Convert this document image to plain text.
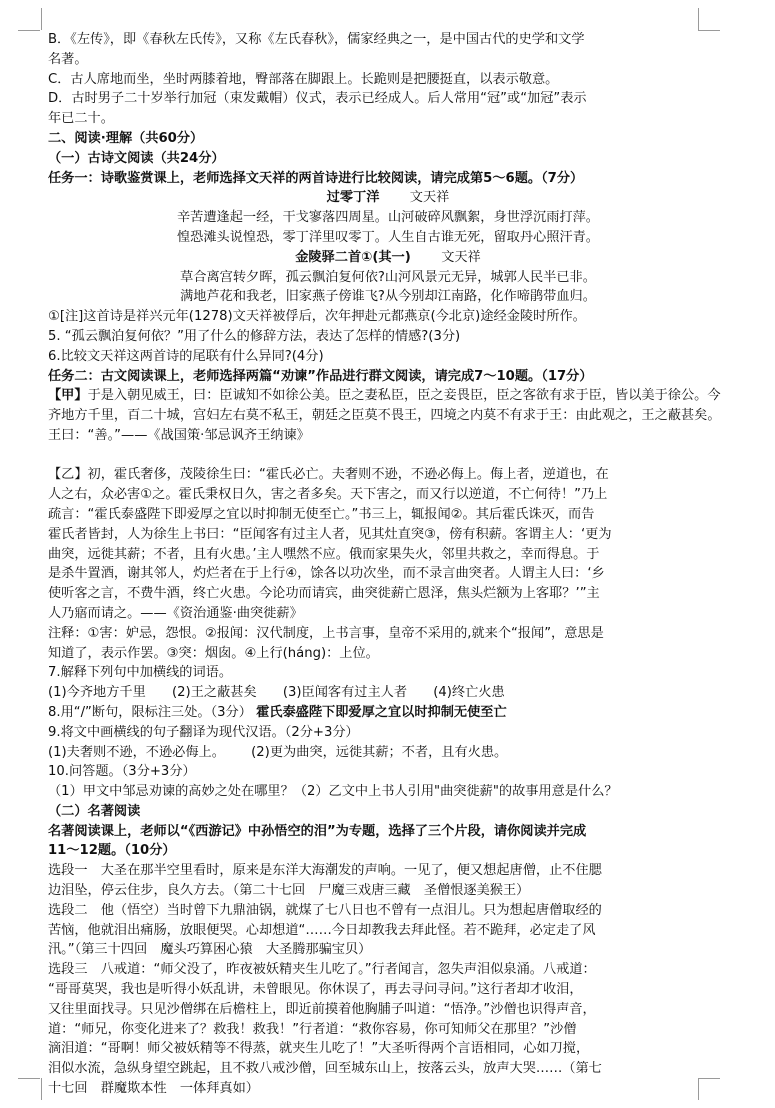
B．《左传》，即《春秋左氏传》，又称《左氏春秋》，儒家经典之一，是中国古代的史学和文学
名著。
C．古人席地而坐，坐时两膝着地，臀部落在脚跟上。长跪则是把腰挺直，以表示敬意。
D．古时男子二十岁举行加冠（束发戴帽）仪式，表示已经成人。后人常用“冠”或“加冠”表示
年已二十。
二、阅读·理解（共60分）
（一）古诗文阅读（共24分）
任务一：诗歌鉴赏课上，老师选择文天祥的两首诗进行比较阅读，请完成第5～6题。（7分）
过零丁洋 文天祥
辛苦遭逢起一经，干戈寥落四周星。山河破碎风飘絮，身世浮沉雨打萍。
惶恐滩头说惶恐，零丁洋里叹零丁。人生自古谁无死，留取丹心照汗青。
金陵驿二首①(其一) 文天祥
草合离宫转夕晖，孤云飘泊复何依?山河风景元无异，城郭人民半已非。
满地芦花和我老，旧家燕子傍谁飞?从今别却江南路，化作啼鹃带血归。
①[注]这首诗是祥兴元年(1278)文天祥被俘后，次年押赴元都燕京(今北京)途经金陵时所作。
5. “孤云飘泊复何依？”用了什么的修辞方法，表达了怎样的情感?(3分)
6.比较文天祥这两首诗的尾联有什么异同?(4分)
任务二：古文阅读课上，老师选择两篇“劝谏”作品进行群文阅读，请完成7～10题。（17分）
【甲】于是入朝见威王，曰：臣诚知不如徐公美。臣之妻私臣，臣之妾畏臣，臣之客欲有求于臣，皆以美于徐公。今齐地方千里，百二十城，宫妇左右莫不私王，朝廷之臣莫不畏王，四境之内莫不有求于王：由此观之，王之蔽甚矣。王曰：“善。”——《战国策·邹忌讽齐王纳谏》
【乙】初，霍氏奢侈，茂陵徐生曰：“霍氏必亡。夫奢则不逊，不逊必侮上。侮上者，逆道也，在
人之右，众必害①之。霍氏秉权日久，害之者多矣。天下害之，而又行以逆道，不亡何待！”乃上
疏言：“霍氏泰盛陛下即爱厚之宜以时抑制无使至亡。”书三上，辄报闻②。其后霍氏诛灭，而告
霍氏者皆封，人为徐生上书曰：“臣闻客有过主人者，见其灶直突③，傍有积薪。客谓主人：‘更为
曲突，远徙其薪；不者，且有火患。’主人嘿然不应。俄而家果失火，邻里共救之，幸而得息。于
是杀牛置酒，谢其邻人，灼烂者在于上行④，馀各以功次坐，而不录言曲突者。人谓主人曰：‘乡
使听客之言，不费牛酒，终亡火患。今论功而请宾，曲突徙薪亡恩泽，焦头烂额为上客耶？’”主
人乃寤而请之。——《资治通鉴·曲突徙薪》
注释：①害：妒忌，怨恨。②报闻：汉代制度，上书言事，皇帝不采用的,就来个“报闻”，意思是
知道了，表示作罢。③突：烟囱。④上行(háng)：上位。
7.解释下列句中加横线的词语。
(1)今齐地方千里 (2)王之蔽甚矣 (3)臣闻客有过主人者 (4)终亡火患
8.用“/”断句，限标注三处。（3分） 霍氏泰盛陛下即爱厚之宜以时抑制无使至亡
9.将文中画横线的句子翻译为现代汉语。（2分+3分）
(1)夫奢则不逊，不逊必侮上。 (2)更为曲突，远徙其薪；不者，且有火患。
10.问答题。（3分+3分）
（1）甲文中邹忌劝谏的高妙之处在哪里？（2）乙文中上书人引用"曲突徙薪"的故事用意是什么？
（二）名著阅读
名著阅读课上，老师以“《西游记》中孙悟空的泪”为专题，选择了三个片段，请你阅读并完成
11～12题。（10分）
选段一　大圣在那半空里看时，原来是东洋大海潮发的声响。一见了，便又想起唐僧，止不住腮
边泪坠，停云住步，良久方去。（第二十七回　尸魔三戏唐三藏　圣僧恨逐美猴王）
选段二　他（悟空）当时曾下九鼎油锅，就煤了七八日也不曾有一点泪儿。只为想起唐僧取经的
苦恼，他就泪出痛肠，放眼便哭。心却想道“……今日却教我去拜此怪。若不跪拜，必定走了风
汛。”（第三十四回　魔头巧算困心猿　大圣腾那骗宝贝）
选段三　八戒道：“师父没了，昨夜被妖精夹生儿吃了。”行者闻言，忽失声泪似泉涌。八戒道：
“哥哥莫哭，我也是听得小妖乱讲，未曾眼见。你休误了，再去寻问寻问。”这行者却才收泪，
又往里面找寻。只见沙僧绑在后檐柱上，即近前摸着他胸脯子叫道：“悟净。”沙僧也识得声音，
道：“师兄，你变化进来了？救我！救我！”行者道：“救你容易，你可知师父在那里？”沙僧
滴泪道：“哥啊！师父被妖精等不得蒸，就夹生儿吃了！”大圣听得两个言语相同，心如刀搅，
泪似水流，急纵身望空跳起，且不救八戒沙僧，回至城东山上，按落云头，放声大哭……（第七
十七回　群魔欺本性　一体拜真如）
